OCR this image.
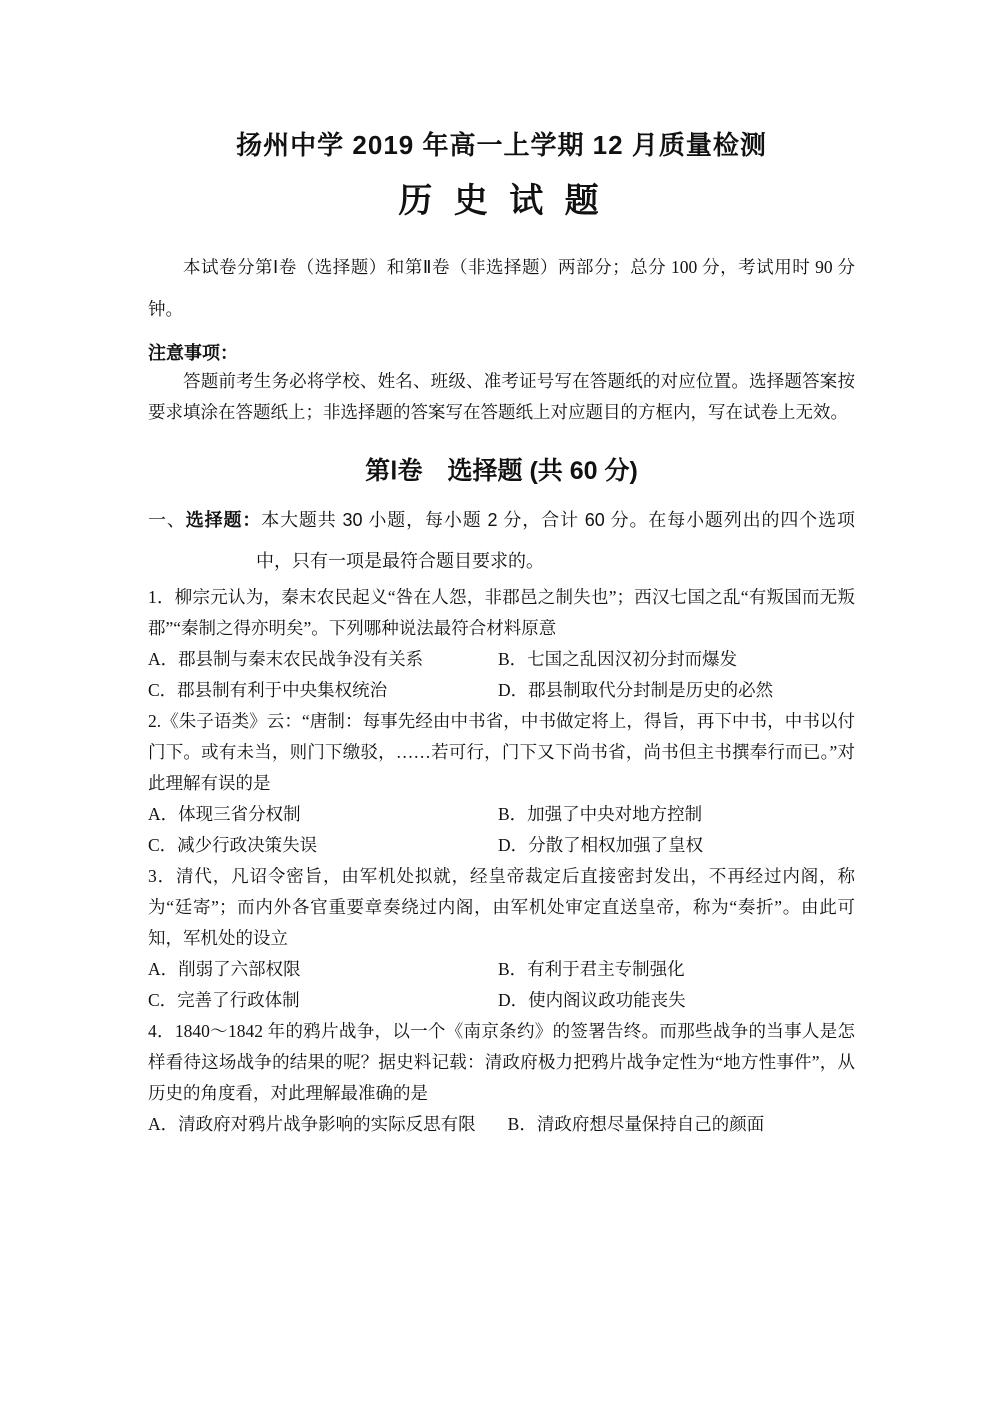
扬州中学 2019 年高一上学期 12 月质量检测
历 史 试 题

本试卷分第Ⅰ卷（选择题）和第Ⅱ卷（非选择题）两部分；总分 100 分，考试用时 90 分钟。

注意事项：

答题前考生务必将学校、姓名、班级、准考证号写在答题纸的对应位置。选择题答案按要求填涂在答题纸上；非选择题的答案写在答题纸上对应题目的方框内，写在试卷上无效。

第Ⅰ卷　选择题 (共 60 分)

一、选择题：本大题共 30 小题，每小题 2 分，合计 60 分。在每小题列出的四个选项中，只有一项是最符合题目要求的。

1．柳宗元认为，秦末农民起义“咎在人怨，非郡邑之制失也”；西汉七国之乱“有叛国而无叛郡”“秦制之得亦明矣”。下列哪种说法最符合材料原意

A．郡县制与秦末农民战争没有关系	B．七国之乱因汉初分封而爆发
C．郡县制有利于中央集权统治	D．郡县制取代分封制是历史的必然

2.《朱子语类》云：“唐制：每事先经由中书省，中书做定将上，得旨，再下中书，中书以付门下。或有未当，则门下缴驳，……若可行，门下又下尚书省，尚书但主书撰奉行而已。”对此理解有误的是

A．体现三省分权制	B．加强了中央对地方控制
C．减少行政决策失误	D．分散了相权加强了皇权

3．清代，凡诏令密旨，由军机处拟就，经皇帝裁定后直接密封发出，不再经过内阁，称为“廷寄”；而内外各官重要章奏绕过内阁，由军机处审定直送皇帝，称为“奏折”。由此可知，军机处的设立

A．削弱了六部权限	B．有利于君主专制强化
C．完善了行政体制	D．使内阁议政功能丧失

4．1840～1842 年的鸦片战争，以一个《南京条约》的签署告终。而那些战争的当事人是怎样看待这场战争的结果的呢？据史料记载：清政府极力把鸦片战争定性为“地方性事件”，从历史的角度看，对此理解最准确的是

A．清政府对鸦片战争影响的实际反思有限 B．清政府想尽量保持自己的颜面
